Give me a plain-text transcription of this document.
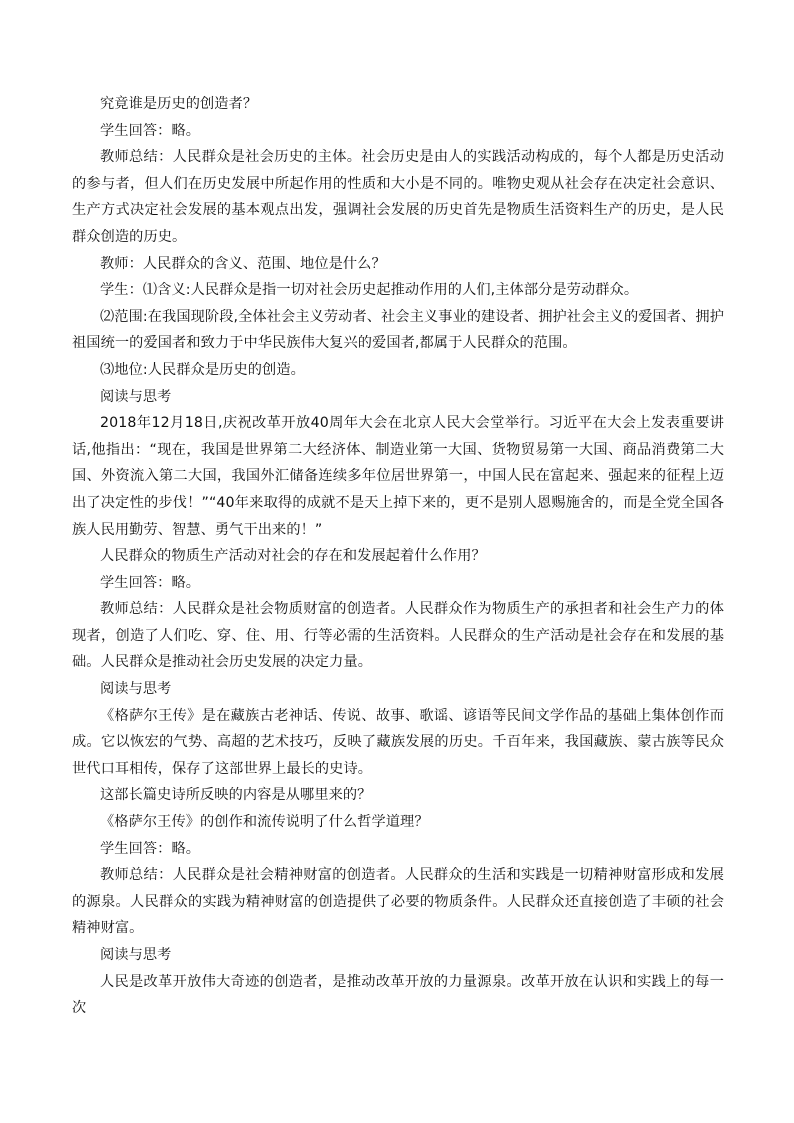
究竟谁是历史的创造者？

学生回答：略。

教师总结：人民群众是社会历史的主体。社会历史是由人的实践活动构成的，每个人都是历史活动的参与者，但人们在历史发展中所起作用的性质和大小是不同的。唯物史观从社会存在决定社会意识、生产方式决定社会发展的基本观点出发，强调社会发展的历史首先是物质生活资料生产的历史，是人民群众创造的历史。

教师：人民群众的含义、范围、地位是什么？

学生：⑴含义:人民群众是指一切对社会历史起推动作用的人们,主体部分是劳动群众。

⑵范围:在我国现阶段,全体社会主义劳动者、社会主义事业的建设者、拥护社会主义的爱国者、拥护祖国统一的爱国者和致力于中华民族伟大复兴的爱国者,都属于人民群众的范围。

⑶地位:人民群众是历史的创造。

阅读与思考

2018年12月18日,庆祝改革开放40周年大会在北京人民大会堂举行。习近平在大会上发表重要讲话,他指出：“现在，我国是世界第二大经济体、制造业第一大国、货物贸易第一大国、商品消费第二大国、外资流入第二大国，我国外汇储备连续多年位居世界第一，中国人民在富起来、强起来的征程上迈出了决定性的步伐！”“40年来取得的成就不是天上掉下来的，更不是别人恩赐施舍的，而是全党全国各族人民用勤劳、智慧、勇气干出来的！”

人民群众的物质生产活动对社会的存在和发展起着什么作用？

学生回答：略。

教师总结：人民群众是社会物质财富的创造者。人民群众作为物质生产的承担者和社会生产力的体现者，创造了人们吃、穿、住、用、行等必需的生活资料。人民群众的生产活动是社会存在和发展的基础。人民群众是推动社会历史发展的决定力量。

阅读与思考

《格萨尔王传》是在藏族古老神话、传说、故事、歌谣、谚语等民间文学作品的基础上集体创作而成。它以恢宏的气势、高超的艺术技巧，反映了藏族发展的历史。千百年来，我国藏族、蒙古族等民众世代口耳相传，保存了这部世界上最长的史诗。

这部长篇史诗所反映的内容是从哪里来的？

《格萨尔王传》的创作和流传说明了什么哲学道理？

学生回答：略。

教师总结：人民群众是社会精神财富的创造者。人民群众的生活和实践是一切精神财富形成和发展的源泉。人民群众的实践为精神财富的创造提供了必要的物质条件。人民群众还直接创造了丰硕的社会精神财富。

阅读与思考

人民是改革开放伟大奇迹的创造者，是推动改革开放的力量源泉。改革开放在认识和实践上的每一次
